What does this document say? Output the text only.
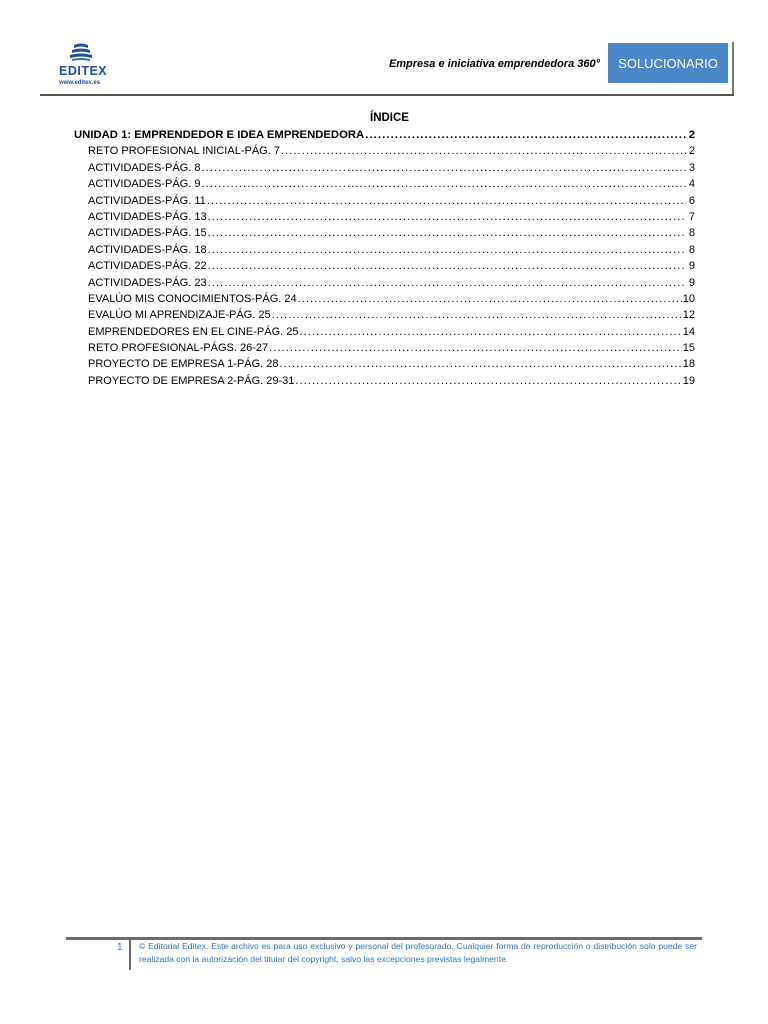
EDITEX
www.editex.es
Empresa e iniciativa emprendedora 360°	SOLUCIONARIO
ÍNDICE
UNIDAD 1: EMPRENDEDOR E IDEA EMPRENDEDORA .....	2
RETO PROFESIONAL INICIAL-PÁG. 7 .....	2
ACTIVIDADES-PÁG. 8 .....	3
ACTIVIDADES-PÁG. 9 .....	4
ACTIVIDADES-PÁG. 11 .....	6
ACTIVIDADES-PÁG. 13 .....	7
ACTIVIDADES-PÁG. 15 .....	8
ACTIVIDADES-PÁG. 18 .....	8
ACTIVIDADES-PÁG. 22 .....	9
ACTIVIDADES-PÁG. 23 .....	9
EVALÚO MIS CONOCIMIENTOS-PÁG. 24 .....	10
EVALÚO MI APRENDIZAJE-PÁG. 25 .....	12
EMPRENDEDORES EN EL CINE-PÁG. 25 .....	14
RETO PROFESIONAL-PÁGS. 26-27 .....	15
PROYECTO DE EMPRESA 1-PÁG. 28 .....	18
PROYECTO DE EMPRESA 2-PÁG. 29-31 .....	19
1 © Editorial Editex. Este archivo es para uso exclusivo y personal del profesorado. Cualquier forma de reproducción o distribución solo puede ser realizada con la autorización del titular del copyright, salvo las excepciones previstas legalmente.
